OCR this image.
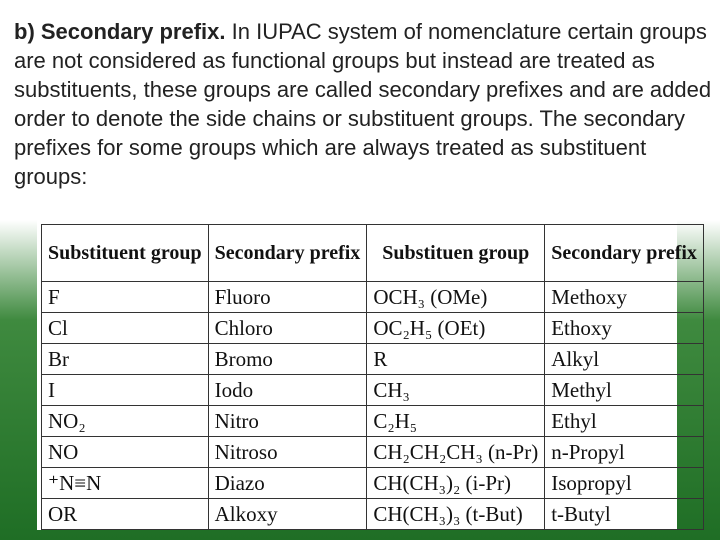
b) Secondary prefix. In IUPAC system of nomenclature certain groups are not considered as functional groups but instead are treated as substituents, these groups are called secondary prefixes and are added order to denote the side chains or substituent groups. The secondary prefixes for some groups which are always treated as substituent groups:

Substituent group	Secondary prefix	Substituen group	Secondary prefix
F	Fluoro	OCH₃ (OMe)	Methoxy
Cl	Chloro	OC₂H₅ (OEt)	Ethoxy
Br	Bromo	R	Alkyl
I	Iodo	CH₃	Methyl
NO₂	Nitro	C₂H₅	Ethyl
NO	Nitroso	CH₂CH₂CH₃ (n-Pr)	n-Propyl
⁺N≡N	Diazo	CH(CH₃)₂ (i-Pr)	Isopropyl
OR	Alkoxy	CH(CH₃)₃ (t-But)	t-Butyl
